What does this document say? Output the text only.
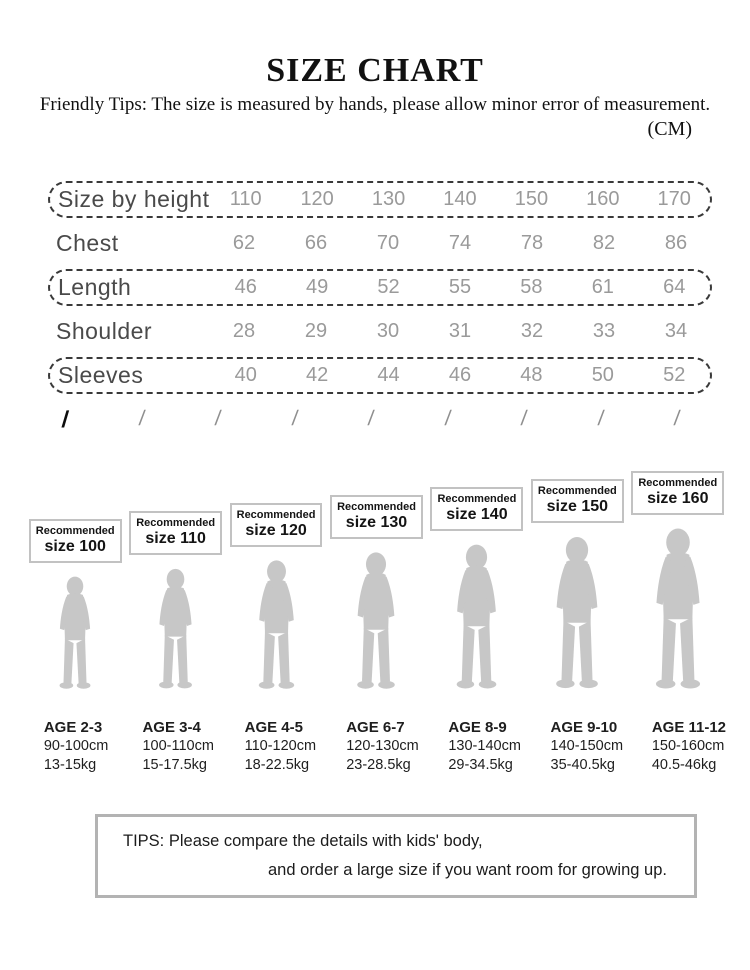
SIZE CHART
Friendly Tips: The size is measured by hands, please allow minor error of measurement.
(CM)
Size by height	110	120	130	140	150	160	170
Chest	62	66	70	74	78	82	86
Length	46	49	52	55	58	61	64
Shoulder	28	29	30	31	32	33	34
Sleeves	40	42	44	46	48	50	52
/	/	/	/	/	/	/	/	/
Recommended
size 100
Recommended
size 110
Recommended
size 120
Recommended
size 130
Recommended
size 140
Recommended
size 150
Recommended
size 160
AGE 2-3
90-100cm
13-15kg
AGE 3-4
100-110cm
15-17.5kg
AGE 4-5
110-120cm
18-22.5kg
AGE 6-7
120-130cm
23-28.5kg
AGE 8-9
130-140cm
29-34.5kg
AGE 9-10
140-150cm
35-40.5kg
AGE 11-12
150-160cm
40.5-46kg
TIPS: Please compare the details with kids' body,
and order a large size if you want room for growing up.
